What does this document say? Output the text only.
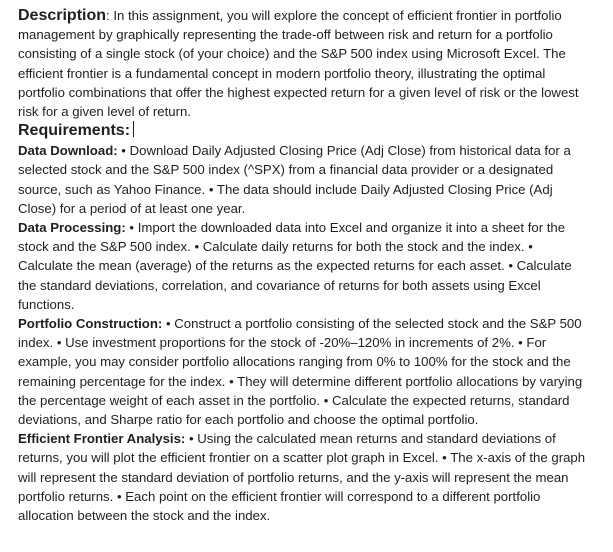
Description: In this assignment, you will explore the concept of efficient frontier in portfolio management by graphically representing the trade-off between risk and return for a portfolio consisting of a single stock (of your choice) and the S&P 500 index using Microsoft Excel. The efficient frontier is a fundamental concept in modern portfolio theory, illustrating the optimal portfolio combinations that offer the highest expected return for a given level of risk or the lowest risk for a given level of return.

Requirements:

Data Download: • Download Daily Adjusted Closing Price (Adj Close) from historical data for a selected stock and the S&P 500 index (^SPX) from a financial data provider or a designated source, such as Yahoo Finance. • The data should include Daily Adjusted Closing Price (Adj Close) for a period of at least one year.

Data Processing: • Import the downloaded data into Excel and organize it into a sheet for the stock and the S&P 500 index. • Calculate daily returns for both the stock and the index. • Calculate the mean (average) of the returns as the expected returns for each asset. • Calculate the standard deviations, correlation, and covariance of returns for both assets using Excel functions.

Portfolio Construction: • Construct a portfolio consisting of the selected stock and the S&P 500 index. • Use investment proportions for the stock of -20%–120% in increments of 2%. • For example, you may consider portfolio allocations ranging from 0% to 100% for the stock and the remaining percentage for the index. • They will determine different portfolio allocations by varying the percentage weight of each asset in the portfolio. • Calculate the expected returns, standard deviations, and Sharpe ratio for each portfolio and choose the optimal portfolio.

Efficient Frontier Analysis: • Using the calculated mean returns and standard deviations of returns, you will plot the efficient frontier on a scatter plot graph in Excel. • The x-axis of the graph will represent the standard deviation of portfolio returns, and the y-axis will represent the mean portfolio returns. • Each point on the efficient frontier will correspond to a different portfolio allocation between the stock and the index.
